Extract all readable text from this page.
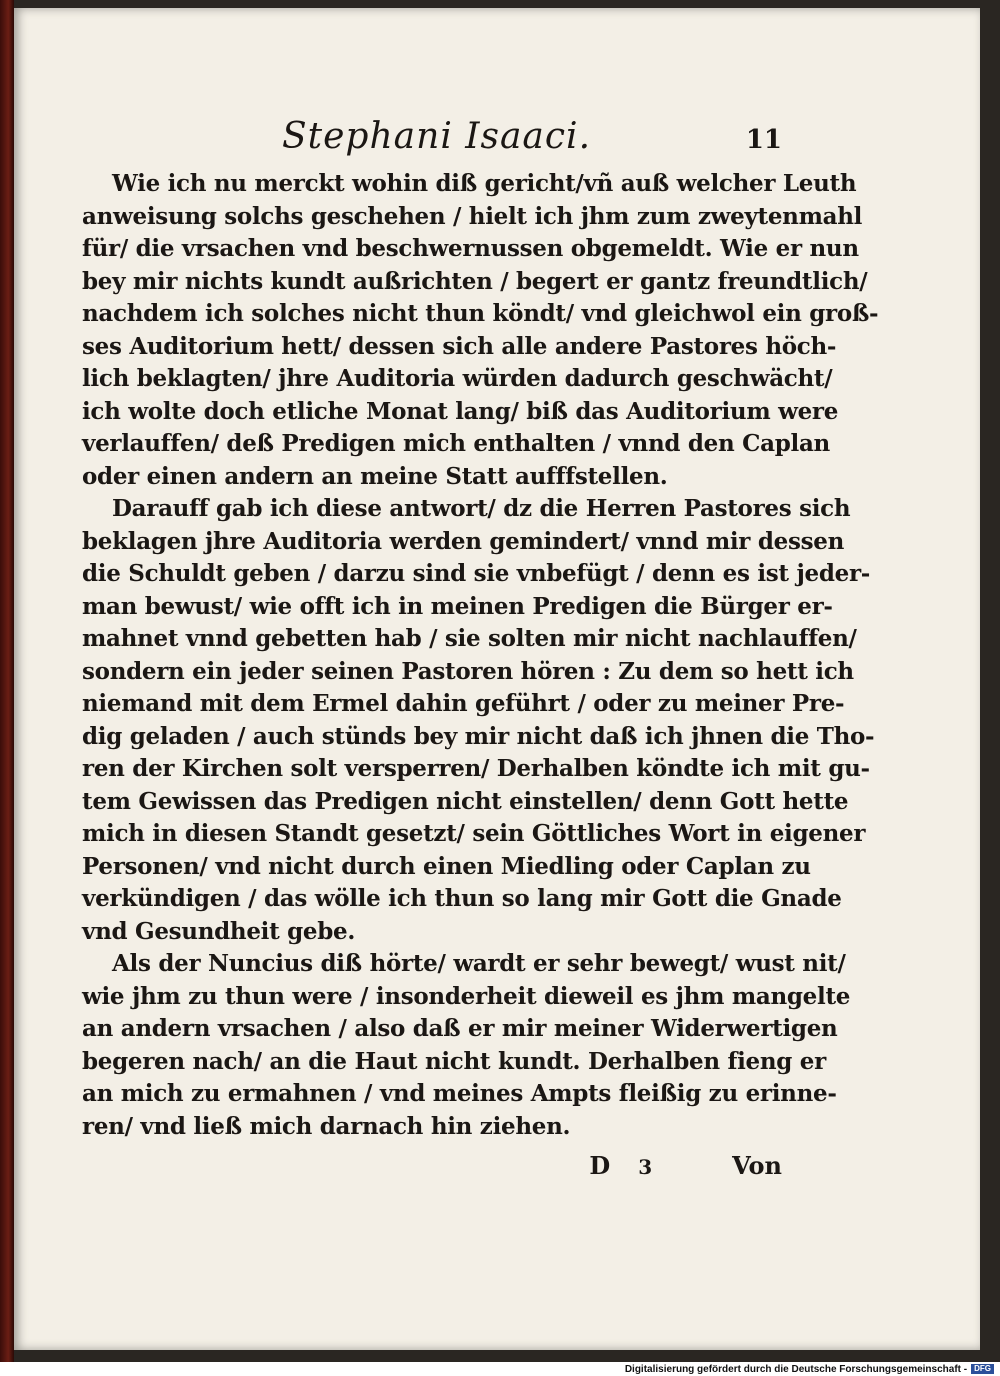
Stephani Isaaci.	11
Wie ich nu merckt wohin diß gericht/vñ auß welcher Leuth
anweisung solchs geschehen / hielt ich jhm zum zweytenmahl
für/ die vrsachen vnd beschwernussen obgemeldt. Wie er nun
bey mir nichts kundt außrichten / begert er gantz freundtlich/
nachdem ich solches nicht thun köndt/ vnd gleichwol ein groß-
ses Auditorium hett/ dessen sich alle andere Pastores höch-
lich beklagten/ jhre Auditoria würden dadurch geschwächt/
ich wolte doch etliche Monat lang/ biß das Auditorium were
verlauffen/ deß Predigen mich enthalten / vnnd den Caplan
oder einen andern an meine Statt aufffstellen.
Darauff gab ich diese antwort/ dz die Herren Pastores sich
beklagen jhre Auditoria werden gemindert/ vnnd mir dessen
die Schuldt geben / darzu sind sie vnbefügt / denn es ist jeder-
man bewust/ wie offt ich in meinen Predigen die Bürger er-
mahnet vnnd gebetten hab / sie solten mir nicht nachlauffen/
sondern ein jeder seinen Pastoren hören : Zu dem so hett ich
niemand mit dem Ermel dahin geführt / oder zu meiner Pre-
dig geladen / auch stünds bey mir nicht daß ich jhnen die Tho-
ren der Kirchen solt versperren/ Derhalben köndte ich mit gu-
tem Gewissen das Predigen nicht einstellen/ denn Gott hette
mich in diesen Standt gesetzt/ sein Göttliches Wort in eigener
Personen/ vnd nicht durch einen Miedling oder Caplan zu
verkündigen / das wölle ich thun so lang mir Gott die Gnade
vnd Gesundheit gebe.
Als der Nuncius diß hörte/ wardt er sehr bewegt/ wust nit/
wie jhm zu thun were / insonderheit dieweil es jhm mangelte
an andern vrsachen / also daß er mir meiner Widerwertigen
begeren nach/ an die Haut nicht kundt. Derhalben fieng er
an mich zu ermahnen / vnd meines Ampts fleißig zu erinne-
ren/ vnd ließ mich darnach hin ziehen.
D 3	Von
Digitalisierung gefördert durch die Deutsche Forschungsgemeinschaft - DFG
